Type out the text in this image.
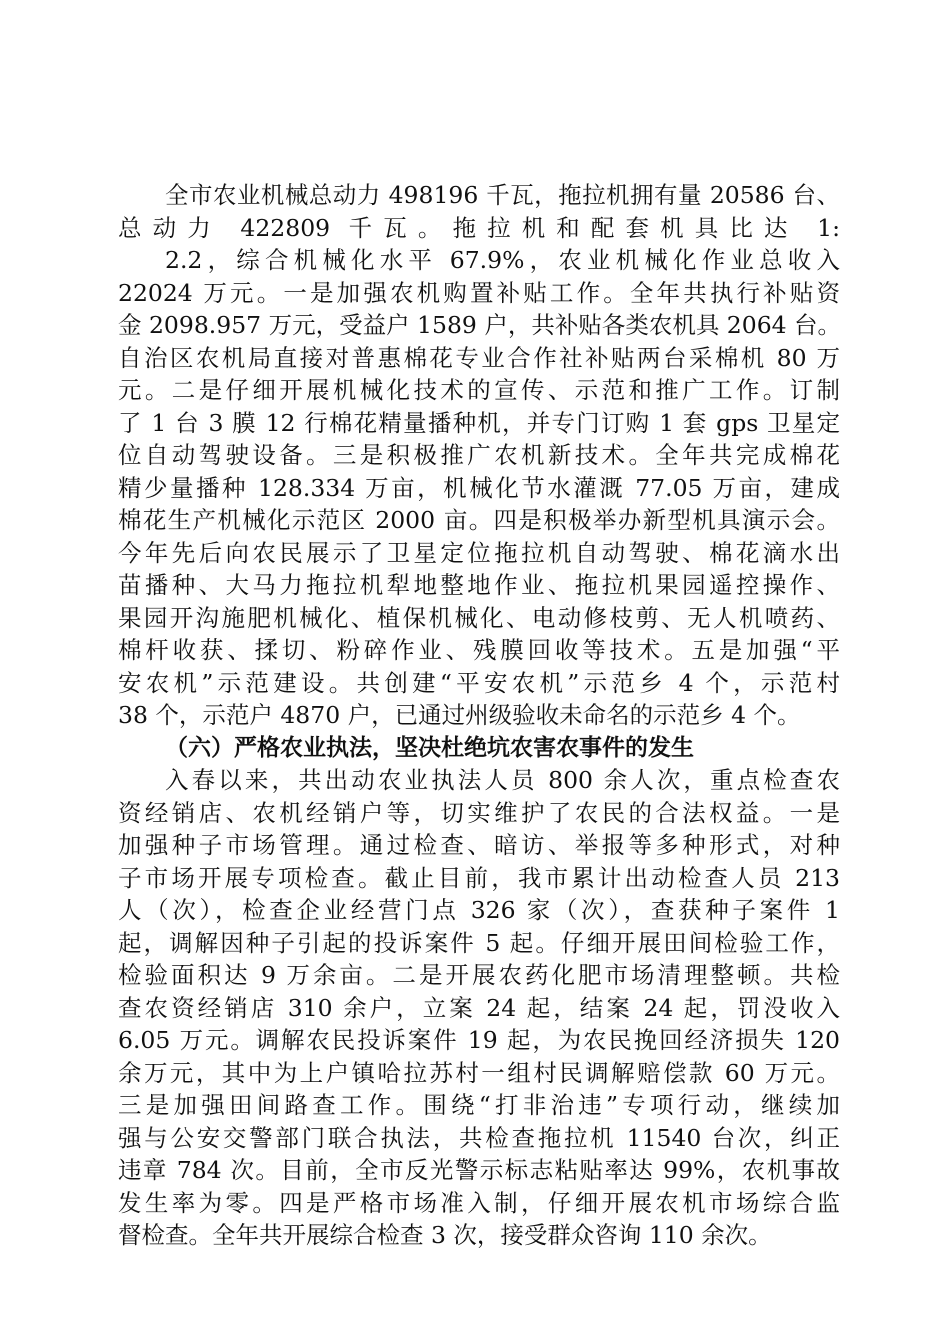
全市农业机械总动力 498196 千瓦，拖拉机拥有量 20586 台、
总动力 422809 千瓦。拖拉机和配套机具比达 1:
2.2，综合机械化水平 67.9%，农业机械化作业总收入
22024 万元。一是加强农机购置补贴工作。全年共执行补贴资
金 2098.957 万元，受益户 1589 户，共补贴各类农机具 2064 台。
自治区农机局直接对普惠棉花专业合作社补贴两台采棉机 80 万
元。二是仔细开展机械化技术的宣传、示范和推广工作。订制
了 1 台 3 膜 12 行棉花精量播种机，并专门订购 1 套 gps 卫星定
位自动驾驶设备。三是积极推广农机新技术。全年共完成棉花
精少量播种 128.334 万亩，机械化节水灌溉 77.05 万亩，建成
棉花生产机械化示范区 2000 亩。四是积极举办新型机具演示会。
今年先后向农民展示了卫星定位拖拉机自动驾驶、棉花滴水出
苗播种、大马力拖拉机犁地整地作业、拖拉机果园遥控操作、
果园开沟施肥机械化、植保机械化、电动修枝剪、无人机喷药、
棉杆收获、揉切、粉碎作业、残膜回收等技术。五是加强“平
安农机”示范建设。共创建“平安农机”示范乡 4 个，示范村
38 个，示范户 4870 户，已通过州级验收未命名的示范乡 4 个。
（六）严格农业执法，坚决杜绝坑农害农事件的发生
入春以来，共出动农业执法人员 800 余人次，重点检查农
资经销店、农机经销户等，切实维护了农民的合法权益。一是
加强种子市场管理。通过检查、暗访、举报等多种形式，对种
子市场开展专项检查。截止目前，我市累计出动检查人员 213
人（次），检查企业经营门点 326 家（次），查获种子案件 1
起，调解因种子引起的投诉案件 5 起。仔细开展田间检验工作，
检验面积达 9 万余亩。二是开展农药化肥市场清理整顿。共检
查农资经销店 310 余户，立案 24 起，结案 24 起，罚没收入
6.05 万元。调解农民投诉案件 19 起，为农民挽回经济损失 120
余万元，其中为上户镇哈拉苏村一组村民调解赔偿款 60 万元。
三是加强田间路查工作。围绕“打非治违”专项行动，继续加
强与公安交警部门联合执法，共检查拖拉机 11540 台次，纠正
违章 784 次。目前，全市反光警示标志粘贴率达 99%，农机事故
发生率为零。四是严格市场准入制，仔细开展农机市场综合监
督检查。全年共开展综合检查 3 次，接受群众咨询 110 余次。
